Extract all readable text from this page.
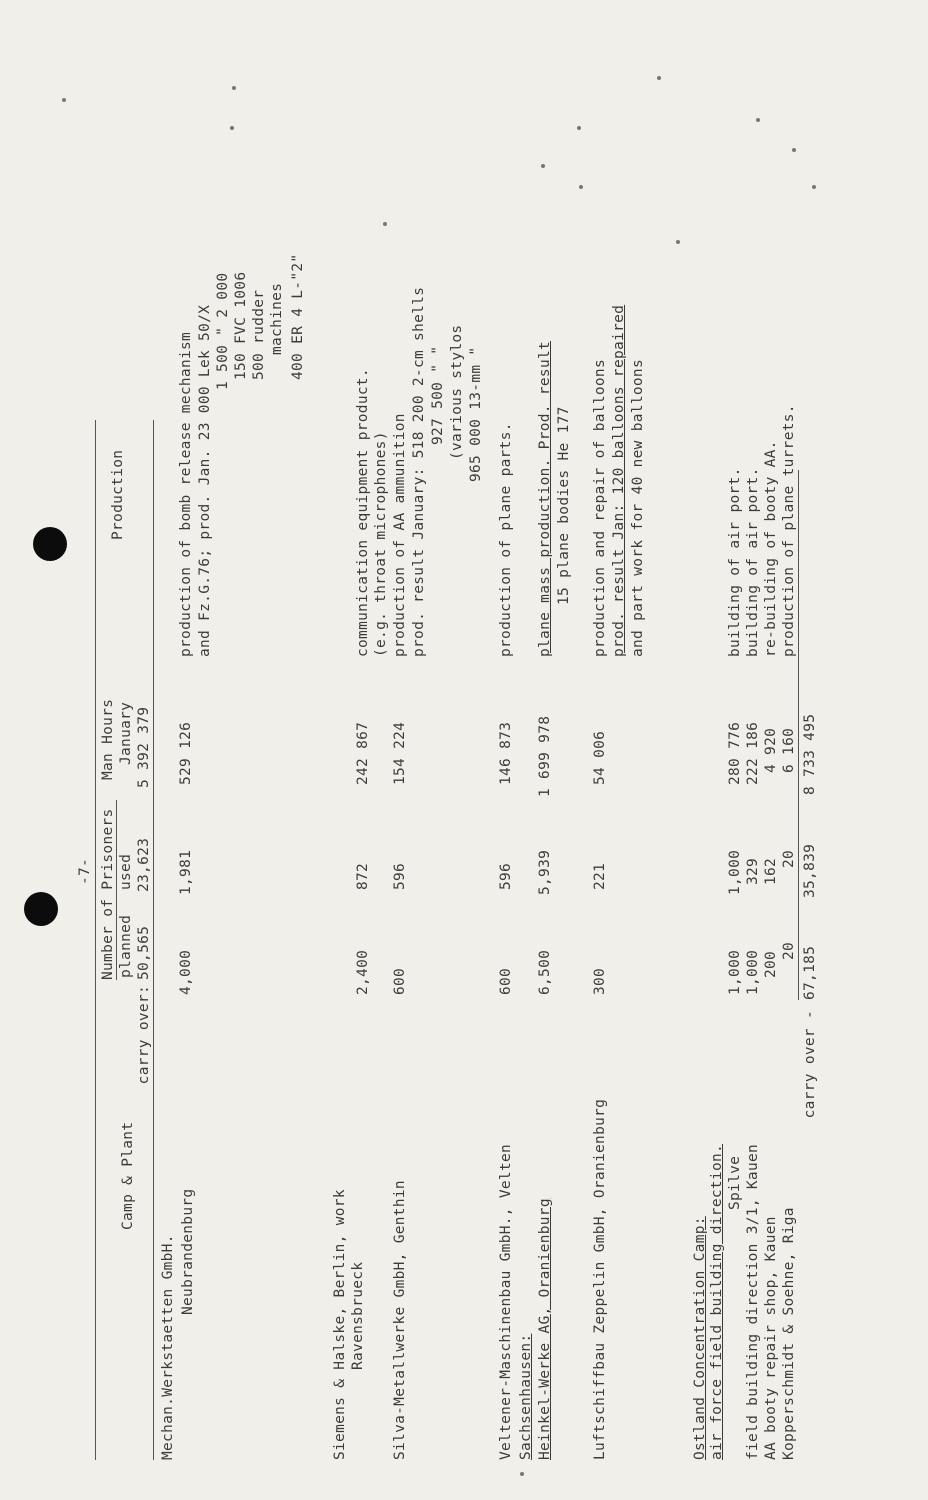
-7-
Camp & Plant
Number of Prisoners planned
used
Man Hours January
Production
carry over:
50,565
23,623
5 392 379
Mechan.Werkstaetten GmbH. Neubrandenburg
4,000
1,981
529 126
production of bomb release mechanism and Fz.G.76; prod. Jan. 23 000 Lek 50/X 1 500 " 2 000 150 FVC 1006 500 rudder machines 400 ER 4 L-"2"
Siemens & Halske, Berlin, work Ravensbrueck
2,400
872
242 867
communication equipment product. (e.g. throat microphones)
Silva-Metallwerke GmbH, Genthin
600
596
154 224
production of AA ammunition prod. result January: 518 200 2-cm shells 927 500 " " (various stylos 965 000 13-mm "
Veltener-Maschinenbau GmbH., Velten
600
596
146 873
production of plane parts.
Sachsenhausen: Heinkel-Werke AG, Oranienburg
6,500
5,939
1 699 978
plane mass production. Prod. result 15 plane bodies He 177
Luftschiffbau Zeppelin GmbH, Oranienburg
300
221
54 006
production and repair of balloons prod. result Jan: 120 balloons repaired and part work for 40 new balloons
Ostland Concentration Camp: air force field building direction. Spilve
1,000
1,000
280 776
building of air port.
field building direction 3/1, Kauen
1,000
329
222 186
building of air port.
AA booty repair shop, Kauen
200
162
4 920
re-building of booty AA.
Kopperschmidt & Soehne, Riga
20
20
6 160
production of plane turrets.
carry over -
67,185
35,839
8 733 495
